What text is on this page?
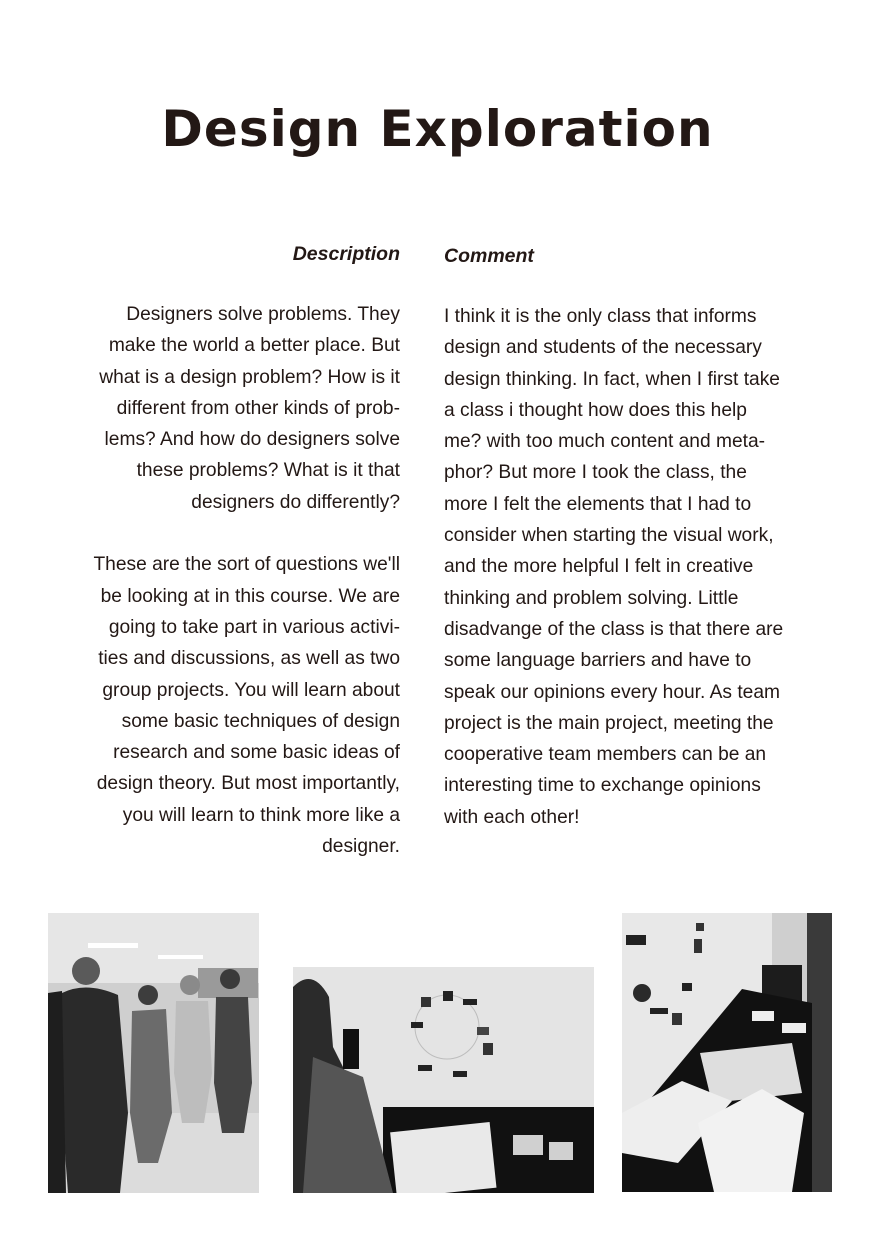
Design Exploration
Description
Designers solve problems. They
make the world a better place. But
what is a design problem? How is it
different from other kinds of prob-
lems? And how do designers solve
these problems? What is it that
designers do differently?
These are the sort of questions we'll
be looking at in this course. We are
going to take part in various activi-
ties and discussions, as well as two
group projects. You will learn about
some basic techniques of design
research and some basic ideas of
design theory. But most importantly,
you will learn to think more like a
designer.
Comment
I think it is the only class that informs
design and students of the necessary
design thinking. In fact, when I first take
a class i thought how does this help
me? with too much content and meta-
phor? But more I took the class, the
more I felt the elements that I had to
consider when starting the visual work,
and the more helpful I felt in creative
thinking and problem solving. Little
disadvange of the class is that there are
some language barriers and have to
speak our opinions every hour. As team
project is the main project, meeting the
cooperative team members can be an
interesting time to exchange opinions
with each other!
